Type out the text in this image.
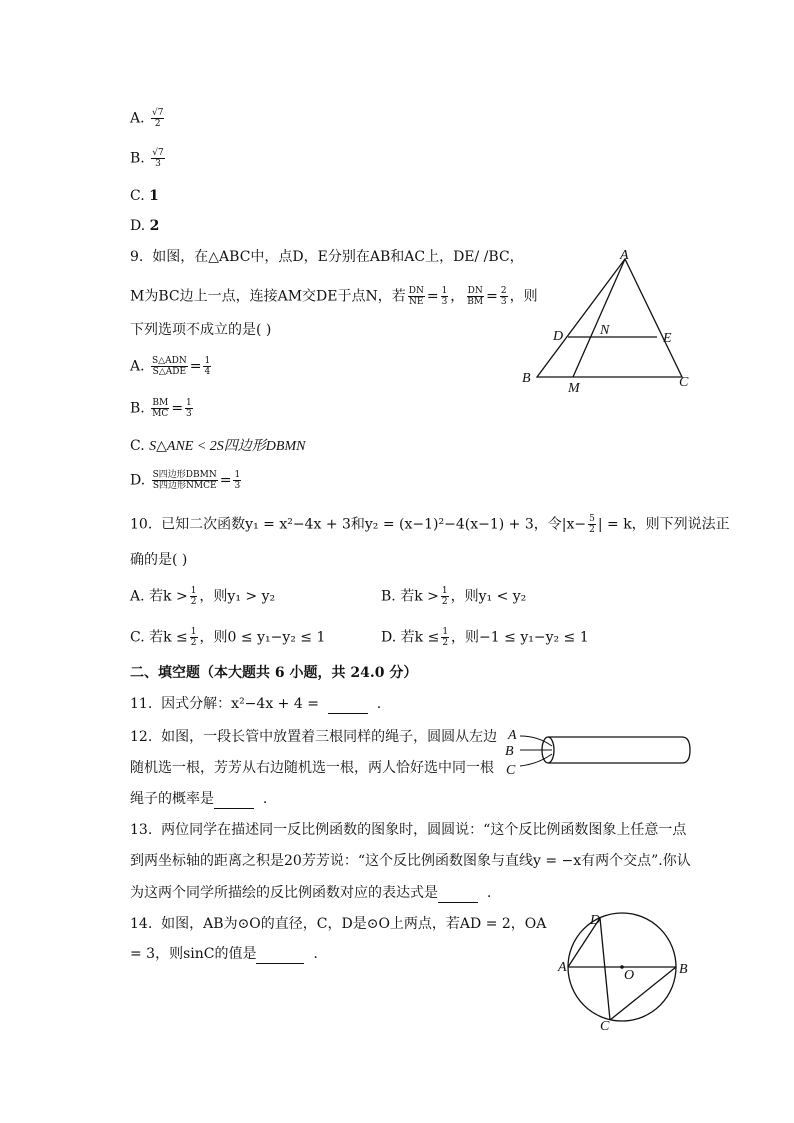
A. $\frac{√7}{2}$
B. $\frac{√7}{3}$
C. 1
D. 2
9. 如图，在△ABC中，点D，E分别在AB和AC上，DE/ /BC，
M为BC边上一点，连接AM交DE于点N，若 $\frac{DN}{NE} = \frac{1}{3}$ ， $\frac{DN}{BM} = \frac{2}{3}$ ，则
下列选项不成立的是( )
A. $\frac{\text{S△ADN}}{\text{S△ADE}} = \frac{1}{4}$
B. $\frac{BM}{MC} = \frac{1}{3}$
C. S△ANE < 2S四边形DBMN
D. $\frac{\text{S四边形DBMN}}{\text{S四边形NMCE}} = \frac{1}{3}$
A
B	C
D	E
M
N
10. 已知二次函数y₁ = x²−4x + 3和y₂ = (x−1)²−4(x−1) + 3，令$|x- \frac{5}{2}$ | = k，则下列说法正
确的是( )
A. 若$k > \frac{1}{2}$ ，则y₁ > y₂	B. 若$k > \frac{1}{2}$ ，则y₁ < y₂
C. 若$k \le \frac{1}{2}$ ，则0 ≤ y₁−y₂ ≤ 1	D. 若$k \le \frac{1}{2}$ ，则−1 ≤ y₁−y₂ ≤ 1
二、填空题（本大题共 6 小题，共 24.0 分）
11. 因式分解：x²−4x + 4 =	.
12. 如图，一段长管中放置着三根同样的绳子，圆圆从左边
随机选一根，芳芳从右边随机选一根，两人恰好选中同一根
绳子的概率是	.
A
B
C
13. 两位同学在描述同一反比例函数的图象时，圆圆说：“这个反比例函数图象上任意一点
到两坐标轴的距离之积是20芳芳说：“这个反比例函数图象与直线y = −x有两个交点”.你认
为这两个同学所描绘的反比例函数对应的表达式是	.
14. 如图，AB为⊙O的直径，C，D是⊙O上两点，若AD = 2，OA
= 3，则sinC的值是	.
D
A	B
O
C
